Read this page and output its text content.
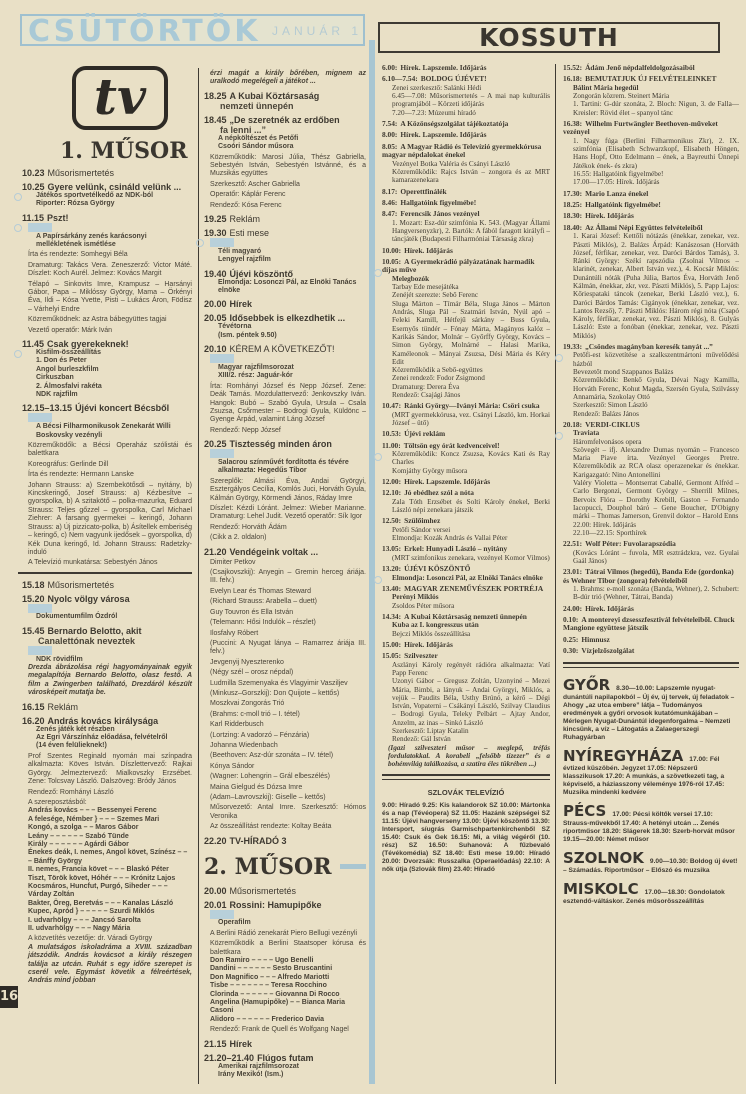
CSÜTÖRTÖK JANUÁR 1	KOSSUTH
tv
1. MŰSOR
10.23 Műsorismertetés
10.25 Gyere velünk, csináld velünk ...
Játékos sportvetélkedő az NDK-ból
Riporter: Rózsa György
11.15 Pszt!
A Papírsárkány zenés karácsonyi mellékletének ismétlése
Írta és rendezte: Somhegyi Béla
Dramaturg: Takács Vera. Zeneszerző: Victor Máté. Díszlet: Koch Aurél. Jelmez: Kovács Margit
Télapó – Sinkovits Imre, Krampusz – Harsányi Gábor, Papa – Miklóssy György, Mama – Örkényi Éva, Ildi – Kósa Yvette, Pisti – Lukács Áron, Födisz – Várhelyi Endre
Közreműködnek: az Astra bábegyüttes tagjai
Vezető operatőr: Márk Iván
11.45 Csak gyerekeknek!
Kisfilm-összeállítás
1. Don és Peter
Angol burleszkfilm
Cirkuszban
2. Álmosfalvi rakéta
NDK rajzfilm
12.15–13.15 Újévi koncert Bécsből
A Bécsi Filharmonikusok Zenekarát Willi Boskovsky vezényli
Közreműködők: a Bécsi Operaház szólistái és balettkara
Koreográfus: Gerlinde Dill
Írta és rendezte: Hermann Lanske
Johann Strauss: a) Szembekötősdi – nyitány, b) Kincskeringő, Josef Strauss: a) Kézbesítve – gyorspolka, b) A szitakötő – polka-mazurka, Eduard Strauss: Teljes gőzzel – gyorspolka, Carl Michael Ziehrer: A farsang gyermekei – keringő, Johann Strauss: a) Új pizzicato-polka, b) Ásítellek emberiség – keringő, c) Nem vagyunk ijedősek – gyorspolka, d) Kék Duna keringő, Id. Johann Strauss: Radetzky-induló
A Televízió munkatársa: Sebestyén János
15.18 Műsorismertetés
15.20 Nyolc völgy városa
Dokumentumfilm Ózdról
15.45 Bernardo Belotto, akit
Canalettónak neveztek
NDK rövidfilm
Drezda ábrázolása régi hagyományainak egyik megalapítója Bernardo Belotto, olasz festő. A film a Zwingerben található, Drezdáról készült városképeit mutatja be.
16.15 Reklám
16.20 András kovács királysága
Zenés játék két részben
Az Egri Várszínház előadása, felvételről
(14 éven felülieknek!)
Prof Szentes Reginald nyomán mai színpadra alkalmazta: Köves István. Díszlettervező: Rajkai György. Jelmeztervező: Mialkovszky Erzsébet. Zene: Tolcsvay László. Dalszöveg: Bródy János
Rendező: Romhányi László
A szereposztásból:
András kovács – – – Bessenyei Ferenc
A felesége, Némber } – – – Szemes Mari
Kongó, a szolga – – Maros Gábor
Leány – – – – – – Szabó Tünde
Király – – – – – – Agárdi Gábor
Énekes deák, I. nemes, Angol követ, Színész – – – Bánffy György
II. nemes, Francia követ – – – Blaskó Péter
Tiszt, Török követ, Hóhér – – – Krónitz Lajos
Kocsmáros, Huncfut, Purgó, Siheder – – – Várday Zoltán
Bakter, Öreg, Beretvás – – – Kanalas László
Kupec, Apród } – – – – – Szurdi Miklós
I. udvarhölgy – – – Jancsó Sarolta
II. udvarhölgy – – – Nagy Mária
A közvetítés vezetője: dr. Váradi György
A mulatságos iskoladráma a XVIII. században játszódik. András kovácsot a király részegen találja az utcán. Ruhát s egy időre szerepet is cserél vele. Egymást követik a félreértések, András mind jobban
érzi magát a király bőrében, mignem az uralkodó megelégeli a játékot ...
18.25 A Kubai Köztársaság
nemzeti ünnepén
18.45 „De szeretnék az erdőben
fa lenni ...”
A népköltészet és Petőfi
Csoóri Sándor műsora
Közreműködik: Marosi Júlia, Thész Gabriella, Sebestyén István, Sebestyén Istvánné, és a Muzsikás együttes
Szerkesztő: Ascher Gabriella
Operatőr: Káplár Ferenc
Rendező: Kósa Ferenc
19.25 Reklám
19.30 Esti mese
Téli magyaró
Lengyel rajzfilm
19.40 Újévi köszöntő
Elmondja: Losonczi Pál, az Elnöki Tanács elnöke
20.00 Hírek
20.05 Idősebbek is elkezdhetik ...
Tévétorna
(Ism. péntek 9.50)
20.10 KÉREM A KÖVETKEZŐT!
Magyar rajzfilmsorozat
XIII/2. rész: Jaguár-kór
Írta: Romhányi József és Nepp József. Zene: Deák Tamás. Mozdulattervező: Jenkovszky Iván. Hangok: Bubó – Szabó Gyula, Ursula – Csala Zsuzsa, Csőrmester – Bodrogi Gyula, Küldönc – Gyenge Árpád, valamint Láng József
Rendező: Nepp József
20.25 Tisztesség minden áron
Salacrou színművét fordította és tévére alkalmazta: Hegedűs Tibor
Szereplők: Almási Éva, Andai Györgyi, Esztergályos Cecília, Komlós Juci, Horváth Gyula, Kálmán György, Körmendi János, Ráday Imre
Díszlet: Kézdi Lóránt. Jelmez: Wieber Marianne. Dramaturg: Lehel Judit. Vezető operatőr: Sík Igor
Rendező: Horváth Ádám
(Cikk a 2. oldalon)
21.20 Vendégeink voltak ...
Dimiter Petkov
(Csajkovszkij): Anyegin – Gremin herceg áriája. III. felv.)
Evelyn Lear és Thomas Steward
(Richard Strauss: Arabella – duett)
Guy Touvron és Ella István
(Telemann: Hősi Indulók – részlet)
Ilosfalvy Róbert
(Puccini: A Nyugat lánya – Ramarrez áriája III. felv.)
Jevgenyij Nyeszterenko
(Négy szél – orosz népdal)
Ludmilla Szemenyaka és Vlagyimir Vasziljev
(Minkusz–Gorszkij): Don Quijote – kettős)
Moszkvai Zongorás Trió
(Brahms: c-moll trió – I. tétel)
Karl Ridderbusch
(Lortzing: A vadorzó – Fénzária)
Johanna Wiedenbach
(Beethoven: Asz-dúr szonáta – IV. tétel)
Kónya Sándor
(Wagner: Lohengrin – Grál elbeszélés)
Maina Gielgud és Dózsa Imre
(Adam–Lavrovszkij): Giselle – kettős)
Műsorvezető: Antal Imre. Szerkesztő: Hómos Veronika
Az összeállítást rendezte: Koltay Beáta
22.20 TV-HÍRADÓ 3
2. MŰSOR
20.00 Műsorismertetés
20.01 Rossini: Hamupipőke
Operafilm
A Berlini Rádió zenekarát Piero Bellugi vezényli
Közreműködik a Berlini Staatsoper kórusa és balettkara
Don Ramiro – – – – Ugo Benelli
Dandini – – – – – – Sesto Bruscantini
Don Magnifico – – – Alfredo Mariotti
Tisbe – – – – – – – Teresa Rocchino
Clorinda – – – – – – Giovanna Di Rocco
Angelina (Hamupipőke) – – Bianca Maria Casoni
Alidoro – – – – – – Frederico Davia
Rendező: Frank de Quell és Wolfgang Nagel
21.15 Hírek
21.20–21.40 Flúgos futam
Amerikai rajzfilmsorozat
Irány Mexikó! (Ism.)
6.00: Hírek. Lapszemle. Időjárás
6.10—7.54: BOLDOG ÚJÉVET!
Zenei szerkesztő: Salánki Hédi
6.45—7.08: Műsorismertetés – A mai nap kulturális programjából – Körzeti időjárás
7.20—7.23: Múzeumi híradó
7.54: A Közönségszolgálat tájékoztatója
8.00: Hírek. Lapszemle. Időjárás
8.05: A Magyar Rádió és Televízió gyermekkórusa magyar népdalokat énekel
Vezényel Botka Valéria és Csányi László
Közreműködik: Rajcs István – zongora és az MRT kamarazenekara
8.17: Operettfinálék
8.46: Hallgatóink figyelmébe!
8.47: Ferencsik János vezényel
1. Mozart: Esz-dúr szimfónia K. 543. (Magyar Állami Hangversenyzkr), 2. Bartók: A fából faragott királyfi – táncjáték (Budapesti Filharmóniai Társaság zkra)
10.00: Hírek. Időjárás
10.05: A Gyermekrádió pályázatának harmadik díjas műve
Melegbozók
Tarbay Ede mesejátéka
Zenéjét szerezte: Sebő Ferenc
Sluga Márton – Tímár Béla, Sluga János – Márton András, Sluga Pál – Szatmári István, Nyúl apó – Feleki Kamill, Hétfejű sárkány – Buss Gyula, Esernyős tündér – Fónay Márta, Magányos kalóz – Karikás Sándor, Molnár – Győrffy György, Kovács – Simon György, Molnárné – Halasi Marika, Kaméleonok – Mányai Zsuzsa, Dési Mária és Kéry Edit
Közreműködik a Sebő-együttes
Zenei rendező: Fodor Zsigmond
Dramaturg: Derera Éva
Rendező: Csajági János
10.47: Ránki György—Iványi Mária: Csöri csuka
(MRT gyermekkórusa, vez. Csányi László, km. Horkai József – ütő)
10.53: Újévi reklám
11.00: Töltsön egy órát kedvenceivel!
Közreműködik: Koncz Zsuzsa, Kovács Kati és Ray Charles
Komjáthy György műsora
12.00: Hírek. Lapszemle. Időjárás
12.10: Jó ebédhez szól a nóta
Zala Tóth Erzsébet és Solti Károly énekel, Berki László népi zenekara játszik
12.50: Szülőimhez
Petőfi Sándor versei
Elmondja: Kozák András és Vallai Péter
13.05: Erkel: Hunyadi László – nyitány
(MRT szimfonikus zenekara, vezényel Komor Vilmos)
13.20: ÚJÉVI KÖSZÖNTŐ
Elmondja: Losonczi Pál, az Elnöki Tanács elnöke
13.40: MAGYAR ZENEMŰVÉSZEK PORTRÉJA
Perényi Miklós
Zsoldos Péter műsora
14.34: A Kubai Köztársaság nemzeti ünnepén
Kuba az I. kongresszus után
Bejczi Miklós összeállítása
15.00: Hírek. Időjárás
15.05: Szilveszter
Aszlányi Károly regényét rádióra alkalmazta: Vatí Papp Ferenc
Uzonyi Gábor – Gregusz Zoltán, Uzonyiné – Mezei Mária, Bimbi, a lányuk – Andai Györgyi, Miklós, a vejük – Paudits Béla, Usthy Brúnó, a kérő – Dégi István, Vopaterni – Csákányi László, Szilvay Claudius – Bodrogi Gyula, Teleky Pelbárt – Ajtay Andor, Anzelm, az inas – Sinkó László
Szerkesztő: Liptay Katalin
Rendező: Gál István
(Igazi szilveszteri műsor – meglepő, tréfás fordulatokkal. A korabeli „felsőbb tízezer” és a bohémvilág találkozása, a szatíra éles tükrében ...)
SZLOVÁK TELEVÍZIÓ
9.00: Híradó 9.25: Kis kalandorok SZ 10.00: Mártonka és a nap (Tévéopera) SZ 11.05: Hazánk szépségei SZ 11.15: Újévi hangverseny 13.00: Újévi köszöntő 13.30: Intersport, síugrás Garmischpartenkirchenből SZ 15.40: Csuk és Gek 16.15: Mi, a világ végéről (10. rész) SZ 16.50: Suhanová: A fűzbevaló (Tévékomédia) SZ 18.40: Esti mese 19.00: Híradó 20.00: Dvorzsák: Russzalka (Operaelőadás) 22.10: A nők útja (Szlovák film) 23.40: Híradó
15.52: Ádám Jenő népdalfeldolgozásaiból
16.18: BEMUTATJUK ÚJ FELVÉTELEINKET
Bálint Mária hegedül
Zongorán közrem. Steinert Mária
1. Tartini: G-dúr szonáta, 2. Bloch: Nigun, 3. de Falla—Kreisler: Rövid élet – spanyol tánc
16.38: Wilhelm Furtwängler Beethoven-műveket vezényel
1. Nagy fúga (Berlini Filharmonikus Zkr), 2. IX. szimfónia (Elisabeth Schwarzkopf, Elisabeth Höngen, Hans Hopf, Otto Edelmann – ének, a Bayreuthi Ünnepi Játékok ének- és zkra)
16.55: Hallgatóink figyelmébe!
17.00—17.05: Hírek. Időjárás
17.30: Mario Lanza énekel
18.25: Hallgatóink figyelmébe!
18.30: Hírek. Időjárás
18.40: Az Állami Népi Együttes felvételeiből
1. Karai József: Kettőli nótázás (énekkar, zenekar, vez. Pászti Miklós), 2. Balázs Árpád: Kanászosan (Horváth József, férfikar, zenekar, vez. Daróci Bárdos Tamás), 3. Ránki György: Székí rapszódia (Zsolnai Vilmos – klarinét, zenekar, Albert István vez.), 4. Kocsár Miklós: Dunántúli nóták (Puha Júlia, Bartos Éva, Horváth Jenő Kálmán, énekkar, zkr, vez. Pászti Miklós), 5. Papp Lajos: Kőriespataki táncok (zenekar, Berki László vez.), 6. Daróci Bárdos Tamás: Cigányok (énekkar, zenekar, vez. Lantos Rezső), 7. Pászti Miklós: Három régi nóta (Csapó Károly, férfikar, zenekar, vez. Pászti Miklós), 8. Gulyás László: Este a fonóban (énekkar, zenekar, vez. Pászti Miklós)
19.33: „Csöndes magányban keresék tanyát ...”
Petőfi-est közvetítése a szalkszentmártoni művelődési házból
Bevezetőt mond Szappanos Balázs
Közreműködik: Benkő Gyula, Dévai Nagy Kamilla, Horváth Ferenc, Kohut Magda, Szersén Gyula, Szilvássy Annamária, Szokolay Ottó
Szerkesztő: Simon László
Rendező: Balázs János
20.18: VERDI-CIKLUS
Traviata
Háromfelvonásos opera
Szövegét – ifj. Alexandre Dumas nyomán – Francesco Maria Piave írta. Vezényel Georges Pretre. Közreműködik az RCA olasz operazenekar és énekkar. Karigazgató: Nino Antonellini
Valéry Violetta – Montserrat Caballé, Germont Alfréd – Carlo Bergonzi, Germont György – Sherrill Milnes, Bervoix Flóra – Dorothy Krebill, Gaston – Fernando Iacopucci, Douphol báró – Gene Boucher, D'Obigny márki – Thomas Jamerson, Grenvil doktor – Harold Enns
22.00: Hírek. Időjárás
22.10—22.15: Sporthírek
22.51: Wolf Péter: Fuvolarapszódia
(Kovács Lóránt – fuvola, MR esztrádzkra, vez. Gyulai Gaál János)
23.01: Tátrai Vilmos (hegedű), Banda Ede (gordonka) és Wehner Tibor (zongora) felvételeiből
1. Brahms: e-moll szonáta (Banda, Wehner), 2. Schubert: B-dúr trió (Wehner, Tátrai, Banda)
24.00: Hírek. Időjárás
0.10: A montereyi dzsesszfesztivál felvételeiből. Chuck Mangione együttese játszik
0.25: Himnusz
0.30: Vízjelzőszolgálat
GYŐR 8.30—10.00: Lapszemle nyugat-dunántúli napilapokból – Új év, új tervek, új feladatok – Ahogy „az utca embere” látja – Tudományos eredmények a győri orvosok kutatómunkájában – Mérlegen Nyugat-Dunántúl idegenforgalma – Nemzeti kincsünk, a víz – Látogatás a Zalaegerszegi Ruhagyárban
NYÍREGYHÁZA 17.00: Fél évtized küszöbén. Jegyzet 17.05: Népszerű klasszikusok 17.20: A munkás, a szövetkezeti tag, a képviselő, a háziasszony véleménye 1976-ról 17.45: Muzsika mindenki kedvére
PÉCS 17.00: Pécsi költők versei 17.10: Strauss-művekből 17.40: A hetényi utcán ... Zenés riportműsor 18.20: Slágerek 18.30: Szerb-horvát műsor 19.15—20.00: Német műsor
SZOLNOK 9.00—10.30: Boldog új évet! – Számadás. Riportműsor – Előszó és muzsika
MISKOLC 17.00—18.30: Gondolatok esztendő-váltáskor. Zenés műsorösszeállítás
16
